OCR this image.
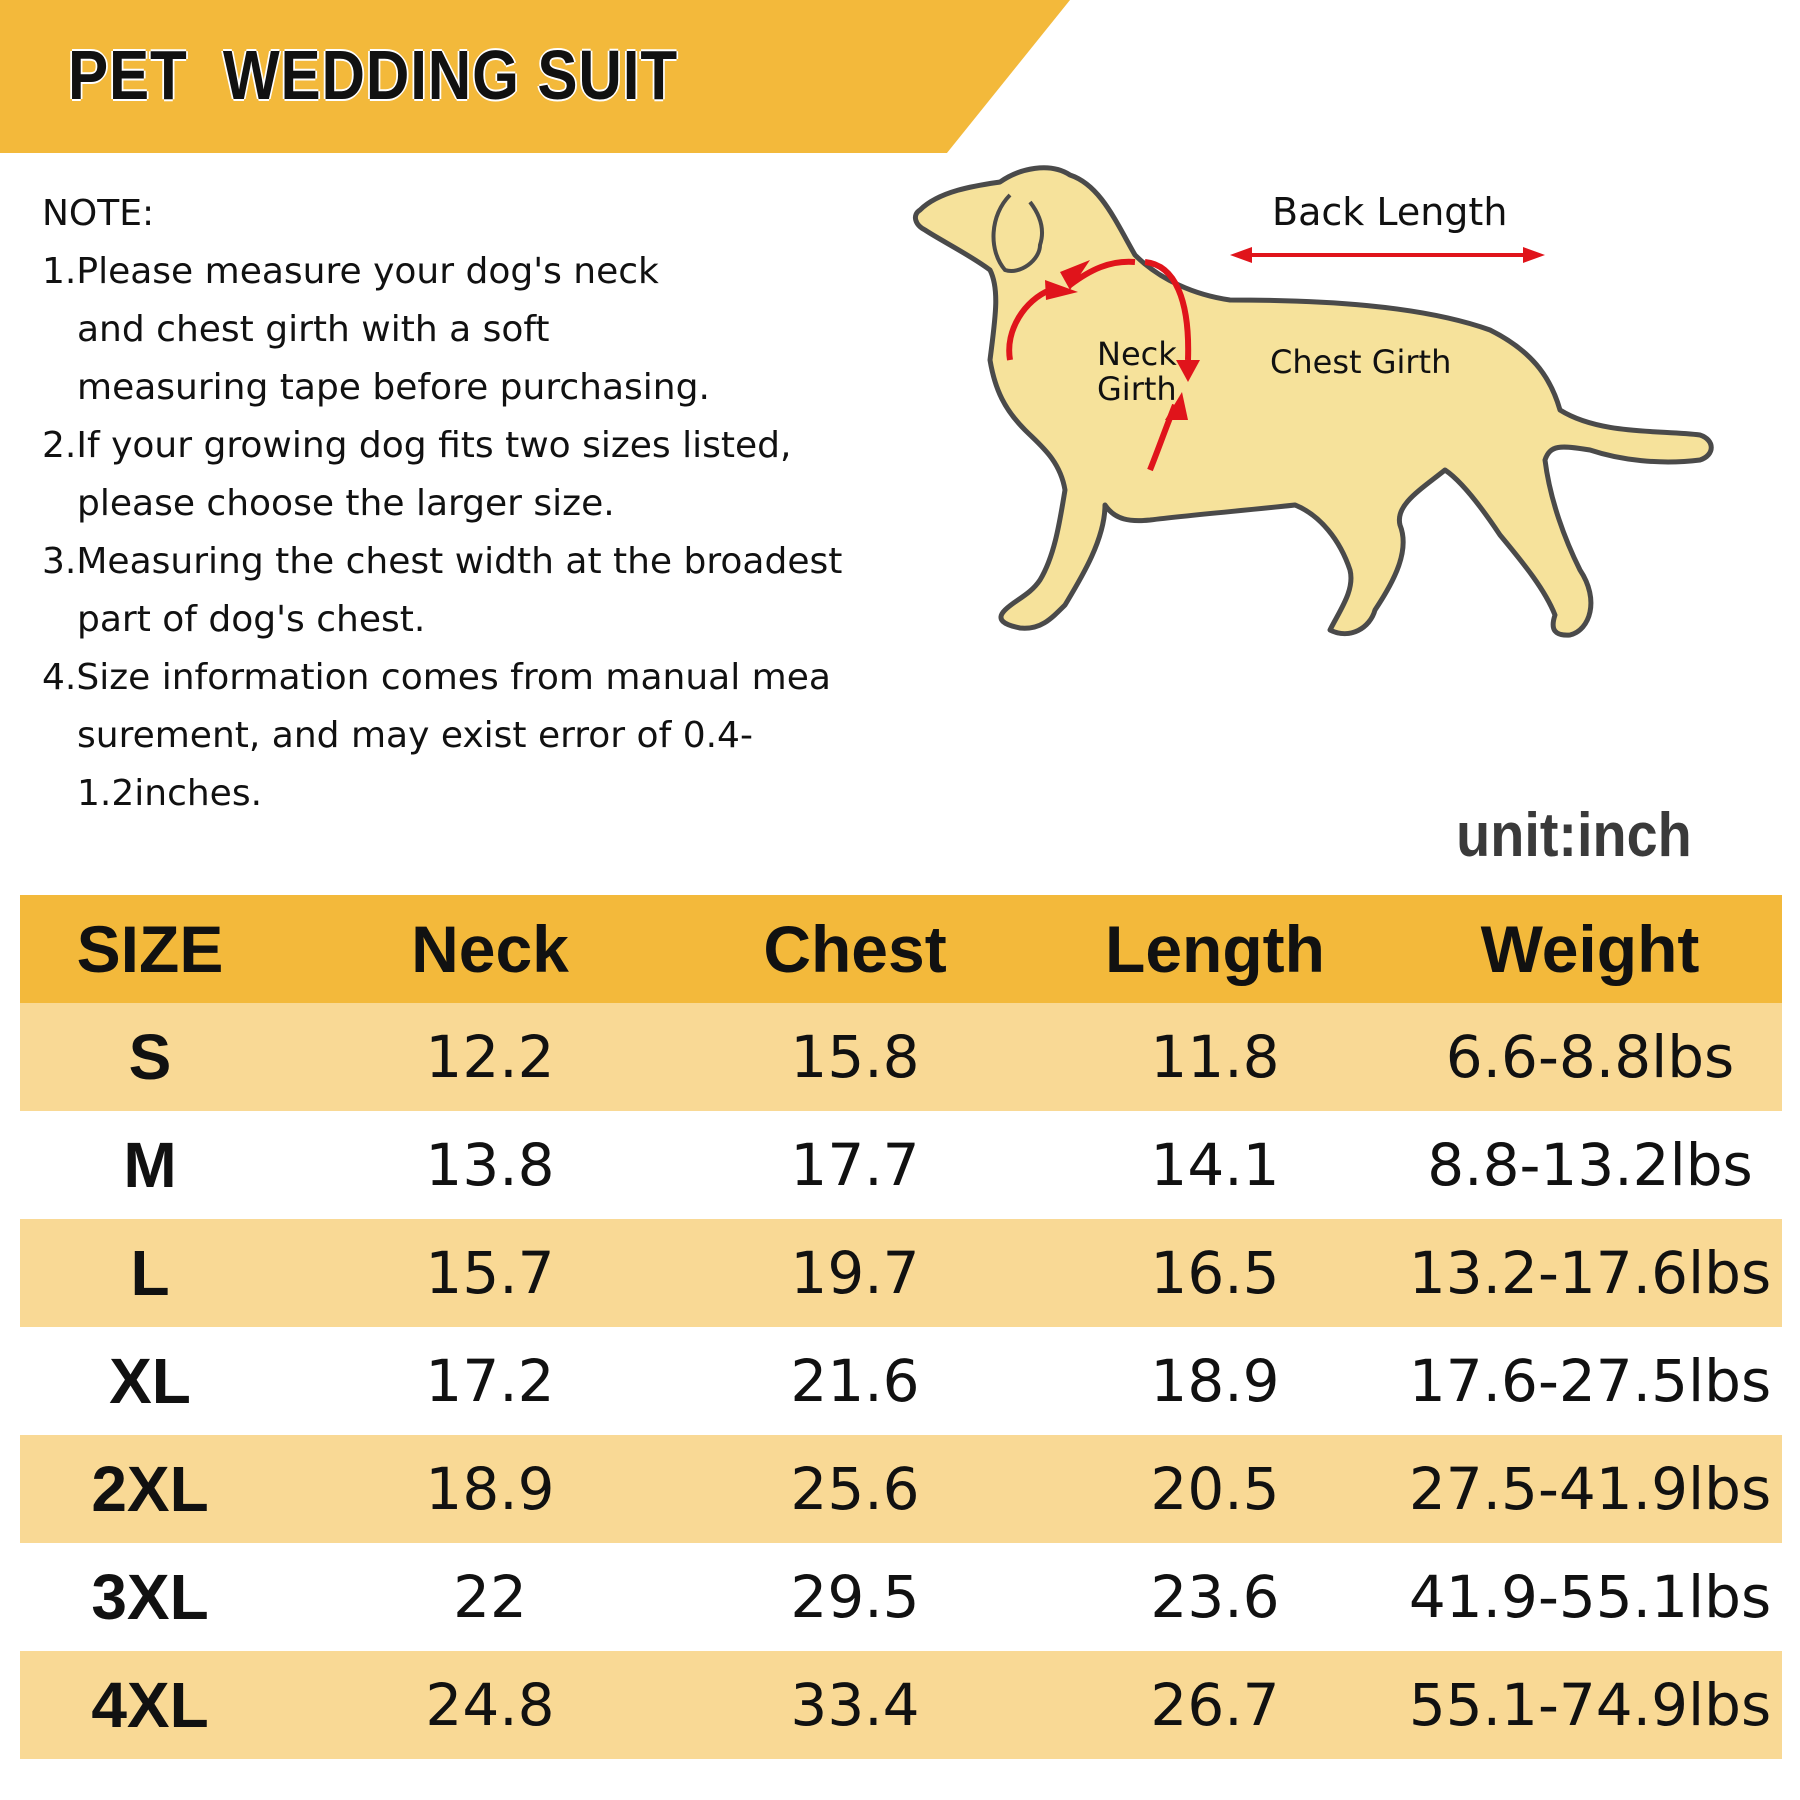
PET  WEDDING SUIT
NOTE:
1.Please measure your dog's neck
and chest girth with a soft
measuring tape before purchasing.
2.If your growing dog fits two sizes listed,
please choose the larger size.
3.Measuring the chest width at the broadest
part of dog's chest.
4.Size information comes from manual mea
surement, and may exist error of 0.4-1.2inches.
Back Length
Neck
Girth
Chest Girth
unit:inch
SIZE	Neck	Chest	Length	Weight
S	12.2	15.8	11.8	6.6-8.8lbs
M	13.8	17.7	14.1	8.8-13.2lbs
L	15.7	19.7	16.5	13.2-17.6lbs
XL	17.2	21.6	18.9	17.6-27.5lbs
2XL	18.9	25.6	20.5	27.5-41.9lbs
3XL	22	29.5	23.6	41.9-55.1lbs
4XL	24.8	33.4	26.7	55.1-74.9lbs
